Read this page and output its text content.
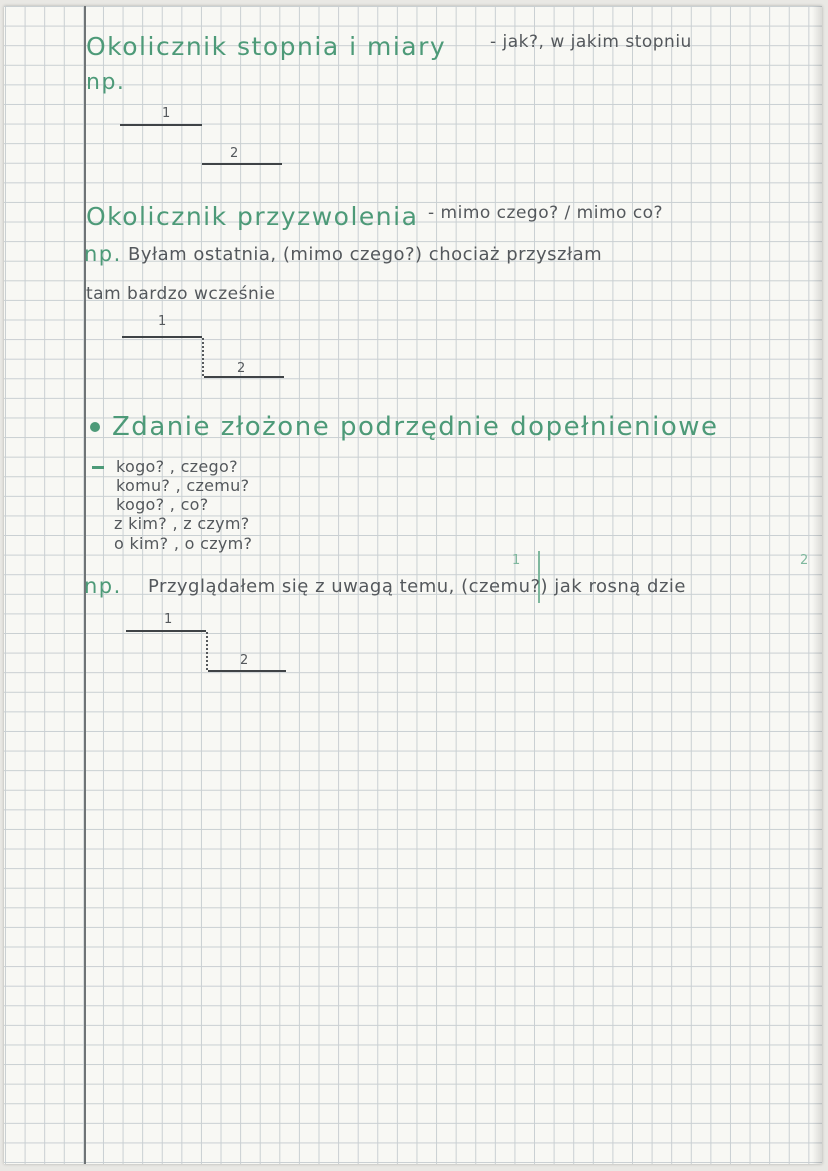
Okolicznik stopnia i miary	- jak?, w jakim stopniu
np.
1
2
Okolicznik przyzwolenia - mimo czego? / mimo co?
np. Byłam ostatnia, (mimo czego?) chociaż przyszłam
tam bardzo wcześnie
1
2
Zdanie złożone podrzędnie dopełnieniowe
kogo? , czego?
komu? , czemu?
kogo? , co?
z kim? , z czym?
o kim? , o czym?
1	2
np. Przyglądałem się z uwagą temu, (czemu?) jak rosną dzie
1
2
